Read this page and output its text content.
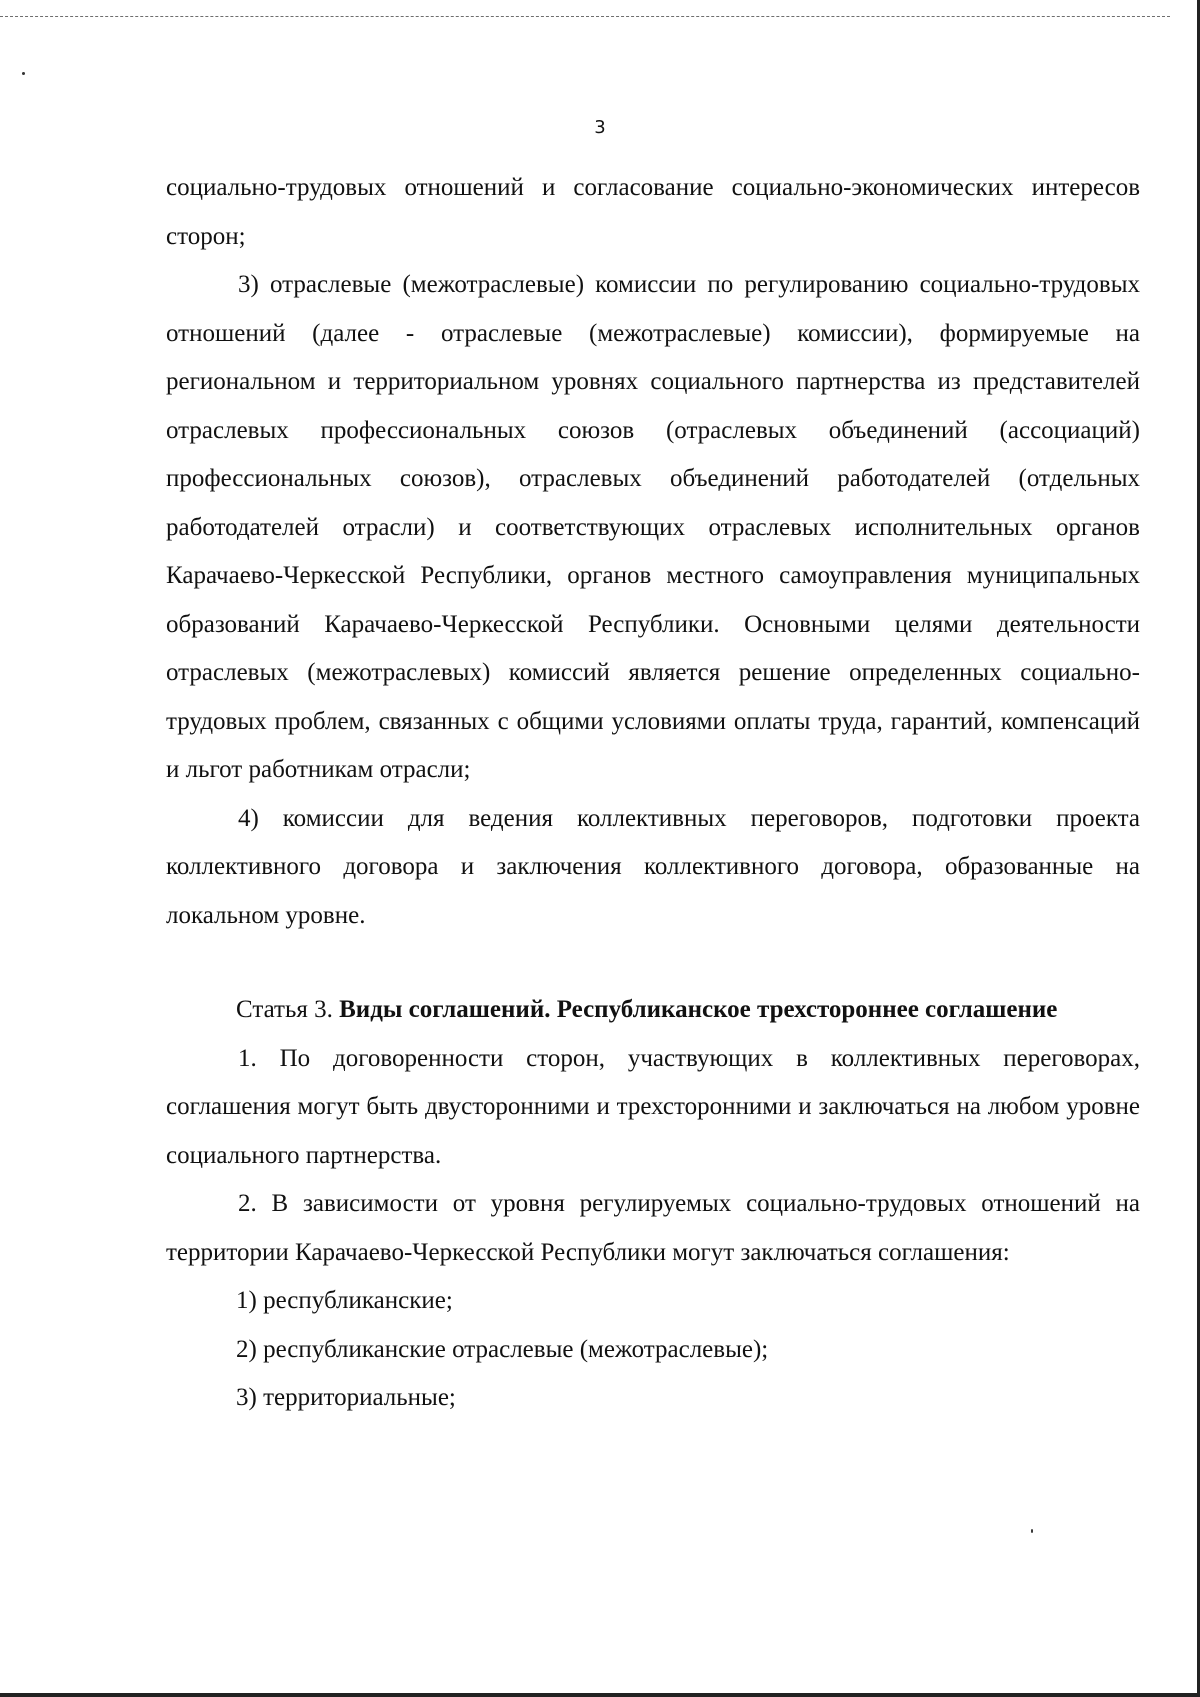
3

социально-трудовых отношений и согласование социально-экономических интересов сторон;

3) отраслевые (межотраслевые) комиссии по регулированию социально-трудовых отношений (далее - отраслевые (межотраслевые) комиссии), формируемые на региональном и территориальном уровнях социального партнерства из представителей отраслевых профессиональных союзов (отраслевых объединений (ассоциаций) профессиональных союзов), отраслевых объединений работодателей (отдельных работодателей отрасли) и соответствующих отраслевых исполнительных органов Карачаево-Черкесской Республики, органов местного самоуправления муниципальных образований Карачаево-Черкесской Республики. Основными целями деятельности отраслевых (межотраслевых) комиссий является решение определенных социально-трудовых проблем, связанных с общими условиями оплаты труда, гарантий, компенсаций и льгот работникам отрасли;

4) комиссии для ведения коллективных переговоров, подготовки проекта коллективного договора и заключения коллективного договора, образованные на локальном уровне.

Статья 3. Виды соглашений. Республиканское трехстороннее соглашение

1. По договоренности сторон, участвующих в коллективных переговорах, соглашения могут быть двусторонними и трехсторонними и заключаться на любом уровне социального партнерства.

2. В зависимости от уровня регулируемых социально-трудовых отношений на территории Карачаево-Черкесской Республики могут заключаться соглашения:

1) республиканские;

2) республиканские отраслевые (межотраслевые);

3) территориальные;
